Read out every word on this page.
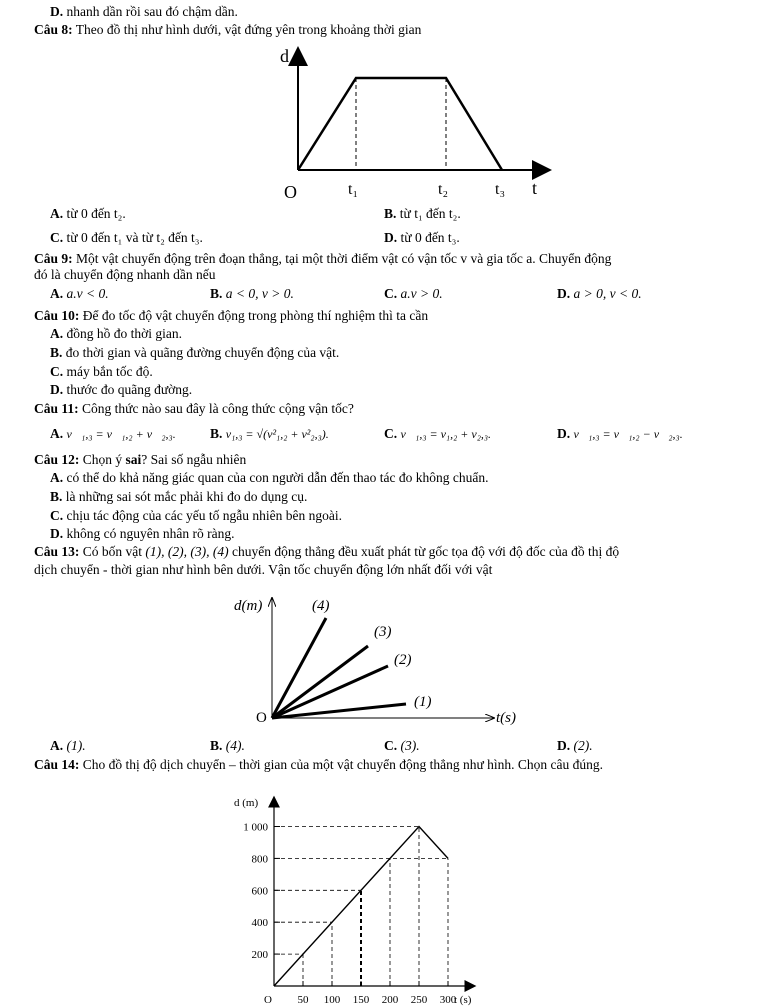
D. nhanh dần rồi sau đó chậm dần.
Câu 8: Theo đồ thị như hình dưới, vật đứng yên trong khoảng thời gian
d
O	t₁	t₂	t₃ t
A. từ 0 đến t₂.	B. từ t₁ đến t₂.
C. từ 0 đến t₁ và từ t₂ đến t₃.	D. từ 0 đến t₃.
Câu 9: Một vật chuyển động trên đoạn thẳng, tại một thời điểm vật có vận tốc v và gia tốc a. Chuyển động
đó là chuyển động nhanh dần nếu
A. a.v < 0.	B. a < 0, v > 0.	C. a.v > 0.	D. a > 0, v < 0.
Câu 10: Để đo tốc độ vật chuyển động trong phòng thí nghiệm thì ta cần
A. đồng hồ đo thời gian.
B. đo thời gian và quãng đường chuyển động của vật.
C. máy bắn tốc độ.
D. thước đo quãng đường.
Câu 11: Công thức nào sau đây là công thức cộng vận tốc?
A. v⃗₁,₃ = v⃗₁,₂ + v⃗₂,₃.	B. v₁,₃ = √(v²₁,₂ + v²₂,₃).	C. v⃗₁,₃ = v₁,₂ + v₂,₃.	D. v⃗₁,₃ = v⃗₁,₂ − v⃗₂,₃.
Câu 12: Chọn ý sai? Sai số ngẫu nhiên
A. có thể do khả năng giác quan của con người dẫn đến thao tác đo không chuẩn.
B. là những sai sót mắc phải khi đo do dụng cụ.
C. chịu tác động của các yếu tố ngẫu nhiên bên ngoài.
D. không có nguyên nhân rõ ràng.
Câu 13: Có bốn vật (1), (2), (3), (4) chuyển động thẳng đều xuất phát từ gốc tọa độ với độ đốc của đồ thị độ
dịch chuyển - thời gian như hình bên dưới. Vận tốc chuyển động lớn nhất đối với vật
d(m)
O
(4)
(3)
(2)
(1)
t(s)
A. (1).	B. (4).	C. (3).	D. (2).
Câu 14: Cho đồ thị độ dịch chuyển – thời gian của một vật chuyển động thẳng như hình. Chọn câu đúng.
200
400
600
800
1 000
50 100 150 200 250 300
d (m)
t (s)
O
